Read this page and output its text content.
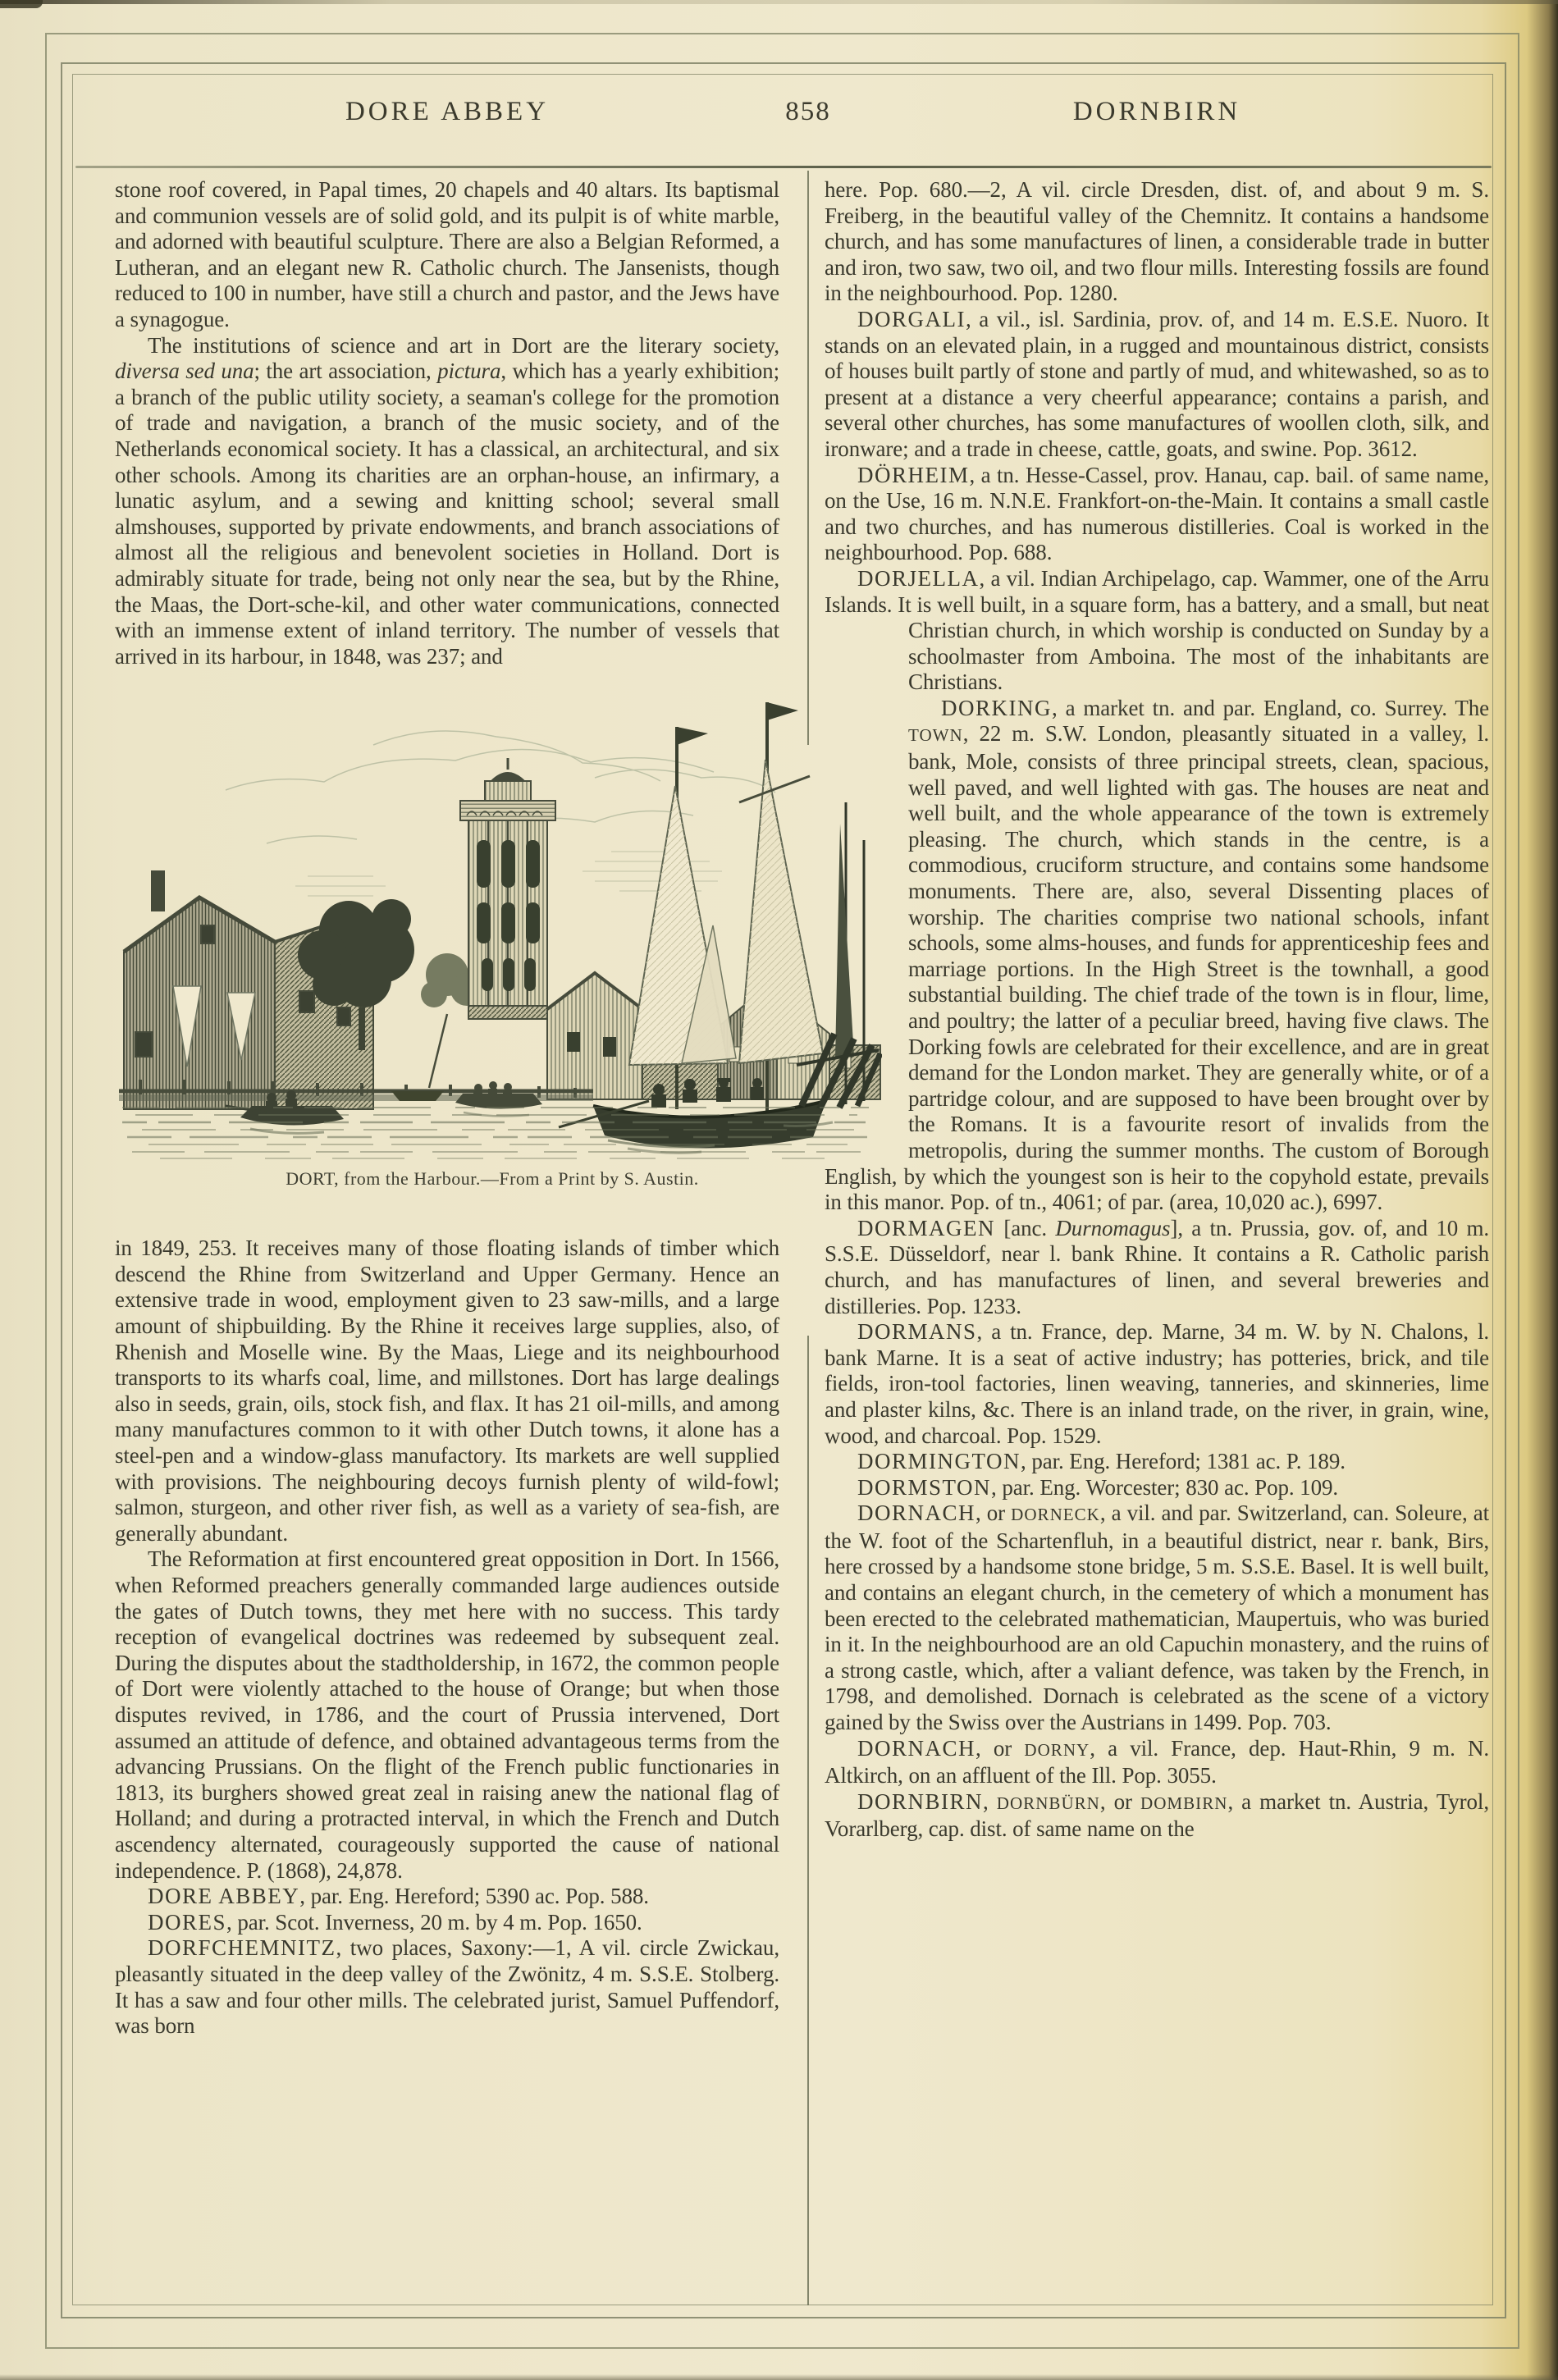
DORE ABBEY	858	DORNBIRN

stone roof covered, in Papal times, 20 chapels and 40 altars. Its baptismal and communion vessels are of solid gold, and its pulpit is of white marble, and adorned with beautiful sculpture. There are also a Belgian Reformed, a Lutheran, and an elegant new R. Catholic church. The Jansenists, though reduced to 100 in number, have still a church and pastor, and the Jews have a synagogue.

The institutions of science and art in Dort are the literary society, diversa sed una; the art association, pictura, which has a yearly exhibition; a branch of the public utility society, a seaman's college for the promotion of trade and navigation, a branch of the music society, and of the Netherlands economical society. It has a classical, an architectural, and six other schools. Among its charities are an orphan-house, an infirmary, a lunatic asylum, and a sewing and knitting school; several small almshouses, supported by private endowments, and branch associations of almost all the religious and benevolent societies in Holland. Dort is admirably situate for trade, being not only near the sea, but by the Rhine, the Maas, the Dort-sche-kil, and other water communications, connected with an immense extent of inland territory. The number of vessels that arrived in its harbour, in 1848, was 237; and

DORT, from the Harbour.—From a Print by S. Austin.

in 1849, 253. It receives many of those floating islands of timber which descend the Rhine from Switzerland and Upper Germany. Hence an extensive trade in wood, employment given to 23 saw-mills, and a large amount of shipbuilding. By the Rhine it receives large supplies, also, of Rhenish and Moselle wine. By the Maas, Liege and its neighbourhood transports to its wharfs coal, lime, and millstones. Dort has large dealings also in seeds, grain, oils, stock fish, and flax. It has 21 oil-mills, and among many manufactures common to it with other Dutch towns, it alone has a steel-pen and a window-glass manufactory. Its markets are well supplied with provisions. The neighbouring decoys furnish plenty of wild-fowl; salmon, sturgeon, and other river fish, as well as a variety of sea-fish, are generally abundant.

The Reformation at first encountered great opposition in Dort. In 1566, when Reformed preachers generally commanded large audiences outside the gates of Dutch towns, they met here with no success. This tardy reception of evangelical doctrines was redeemed by subsequent zeal. During the disputes about the stadtholdership, in 1672, the common people of Dort were violently attached to the house of Orange; but when those disputes revived, in 1786, and the court of Prussia intervened, Dort assumed an attitude of defence, and obtained advantageous terms from the advancing Prussians. On the flight of the French public functionaries in 1813, its burghers showed great zeal in raising anew the national flag of Holland; and during a protracted interval, in which the French and Dutch ascendency alternated, courageously supported the cause of national independence. P. (1868), 24,878.

DORE ABBEY, par. Eng. Hereford; 5390 ac. Pop. 588.

DORES, par. Scot. Inverness, 20 m. by 4 m. Pop. 1650.

DORFCHEMNITZ, two places, Saxony:—1, A vil. circle Zwickau, pleasantly situated in the deep valley of the Zwönitz, 4 m. S.S.E. Stolberg. It has a saw and four other mills. The celebrated jurist, Samuel Puffendorf, was born

here. Pop. 680.—2, A vil. circle Dresden, dist. of, and about 9 m. S. Freiberg, in the beautiful valley of the Chemnitz. It contains a handsome church, and has some manufactures of linen, a considerable trade in butter and iron, two saw, two oil, and two flour mills. Interesting fossils are found in the neighbourhood. Pop. 1280.

DORGALI, a vil., isl. Sardinia, prov. of, and 14 m. E.S.E. Nuoro. It stands on an elevated plain, in a rugged and mountainous district, consists of houses built partly of stone and partly of mud, and whitewashed, so as to present at a distance a very cheerful appearance; contains a parish, and several other churches, has some manufactures of woollen cloth, silk, and ironware; and a trade in cheese, cattle, goats, and swine. Pop. 3612.

DÖRHEIM, a tn. Hesse-Cassel, prov. Hanau, cap. bail. of same name, on the Use, 16 m. N.N.E. Frankfort-on-the-Main. It contains a small castle and two churches, and has numerous distilleries. Coal is worked in the neighbourhood. Pop. 688.

DORJELLA, a vil. Indian Archipelago, cap. Wammer, one of the Arru Islands. It is well built, in a square form, has a battery, and a small, but neat Christian church, in which
worship is conducted on Sunday by a schoolmaster from Amboina. The most of the inhabitants are Christians.

DORKING, a market tn. and par. England, co. Surrey. The TOWN, 22 m. S.W. London, pleasantly situated in a valley, l. bank, Mole, consists of three principal streets, clean, spacious, well paved, and well lighted with gas. The houses are neat and well built, and the whole appearance of the town is extremely pleasing. The church, which stands in the centre, is a commodious, cruciform structure, and contains some handsome monuments. There are, also, several Dissenting places of worship. The charities comprise two national schools, infant schools, some alms-houses, and funds for apprenticeship fees and marriage portions. In the High Street is the townhall, a good substantial building. The chief trade of the town is in flour, lime, and poultry; the latter of a peculiar breed, having five claws. The Dorking fowls are celebrated for their excellence, and are in great demand for the London market. They are generally white, or of a partridge colour, and are supposed to have been brought over by the Romans. It is a favourite resort of invalids from the metropolis, during the summer months. The custom of Borough English, by which the youngest son is heir to the copyhold estate, prevails in this manor. Pop. of tn., 4061; of par. (area, 10,020 ac.), 6997.

DORMAGEN [anc. Durnomagus], a tn. Prussia, gov. of, and 10 m. S.S.E. Düsseldorf, near l. bank Rhine. It contains a R. Catholic parish church, and has manufactures of linen, and several breweries and distilleries. Pop. 1233.

DORMANS, a tn. France, dep. Marne, 34 m. W. by N. Chalons, l. bank Marne. It is a seat of active industry; has potteries, brick, and tile fields, iron-tool factories, linen weaving, tanneries, and skinneries, lime and plaster kilns, &c. There is an inland trade, on the river, in grain, wine, wood, and charcoal. Pop. 1529.

DORMINGTON, par. Eng. Hereford; 1381 ac. P. 189.

DORMSTON, par. Eng. Worcester; 830 ac. Pop. 109.

DORNACH, or DORNECK, a vil. and par. Switzerland, can. Soleure, at the W. foot of the Schartenfluh, in a beautiful district, near r. bank, Birs, here crossed by a handsome stone bridge, 5 m. S.S.E. Basel. It is well built, and contains an elegant church, in the cemetery of which a monument has been erected to the celebrated mathematician, Maupertuis, who was buried in it. In the neighbourhood are an old Capuchin monastery, and the ruins of a strong castle, which, after a valiant defence, was taken by the French, in 1798, and demolished. Dornach is celebrated as the scene of a victory gained by the Swiss over the Austrians in 1499. Pop. 703.

DORNACH, or DORNY, a vil. France, dep. Haut-Rhin, 9 m. N. Altkirch, on an affluent of the Ill. Pop. 3055.

DORNBIRN, DORNBÜRN, or DOMBIRN, a market tn. Austria, Tyrol, Vorarlberg, cap. dist. of same name on the
